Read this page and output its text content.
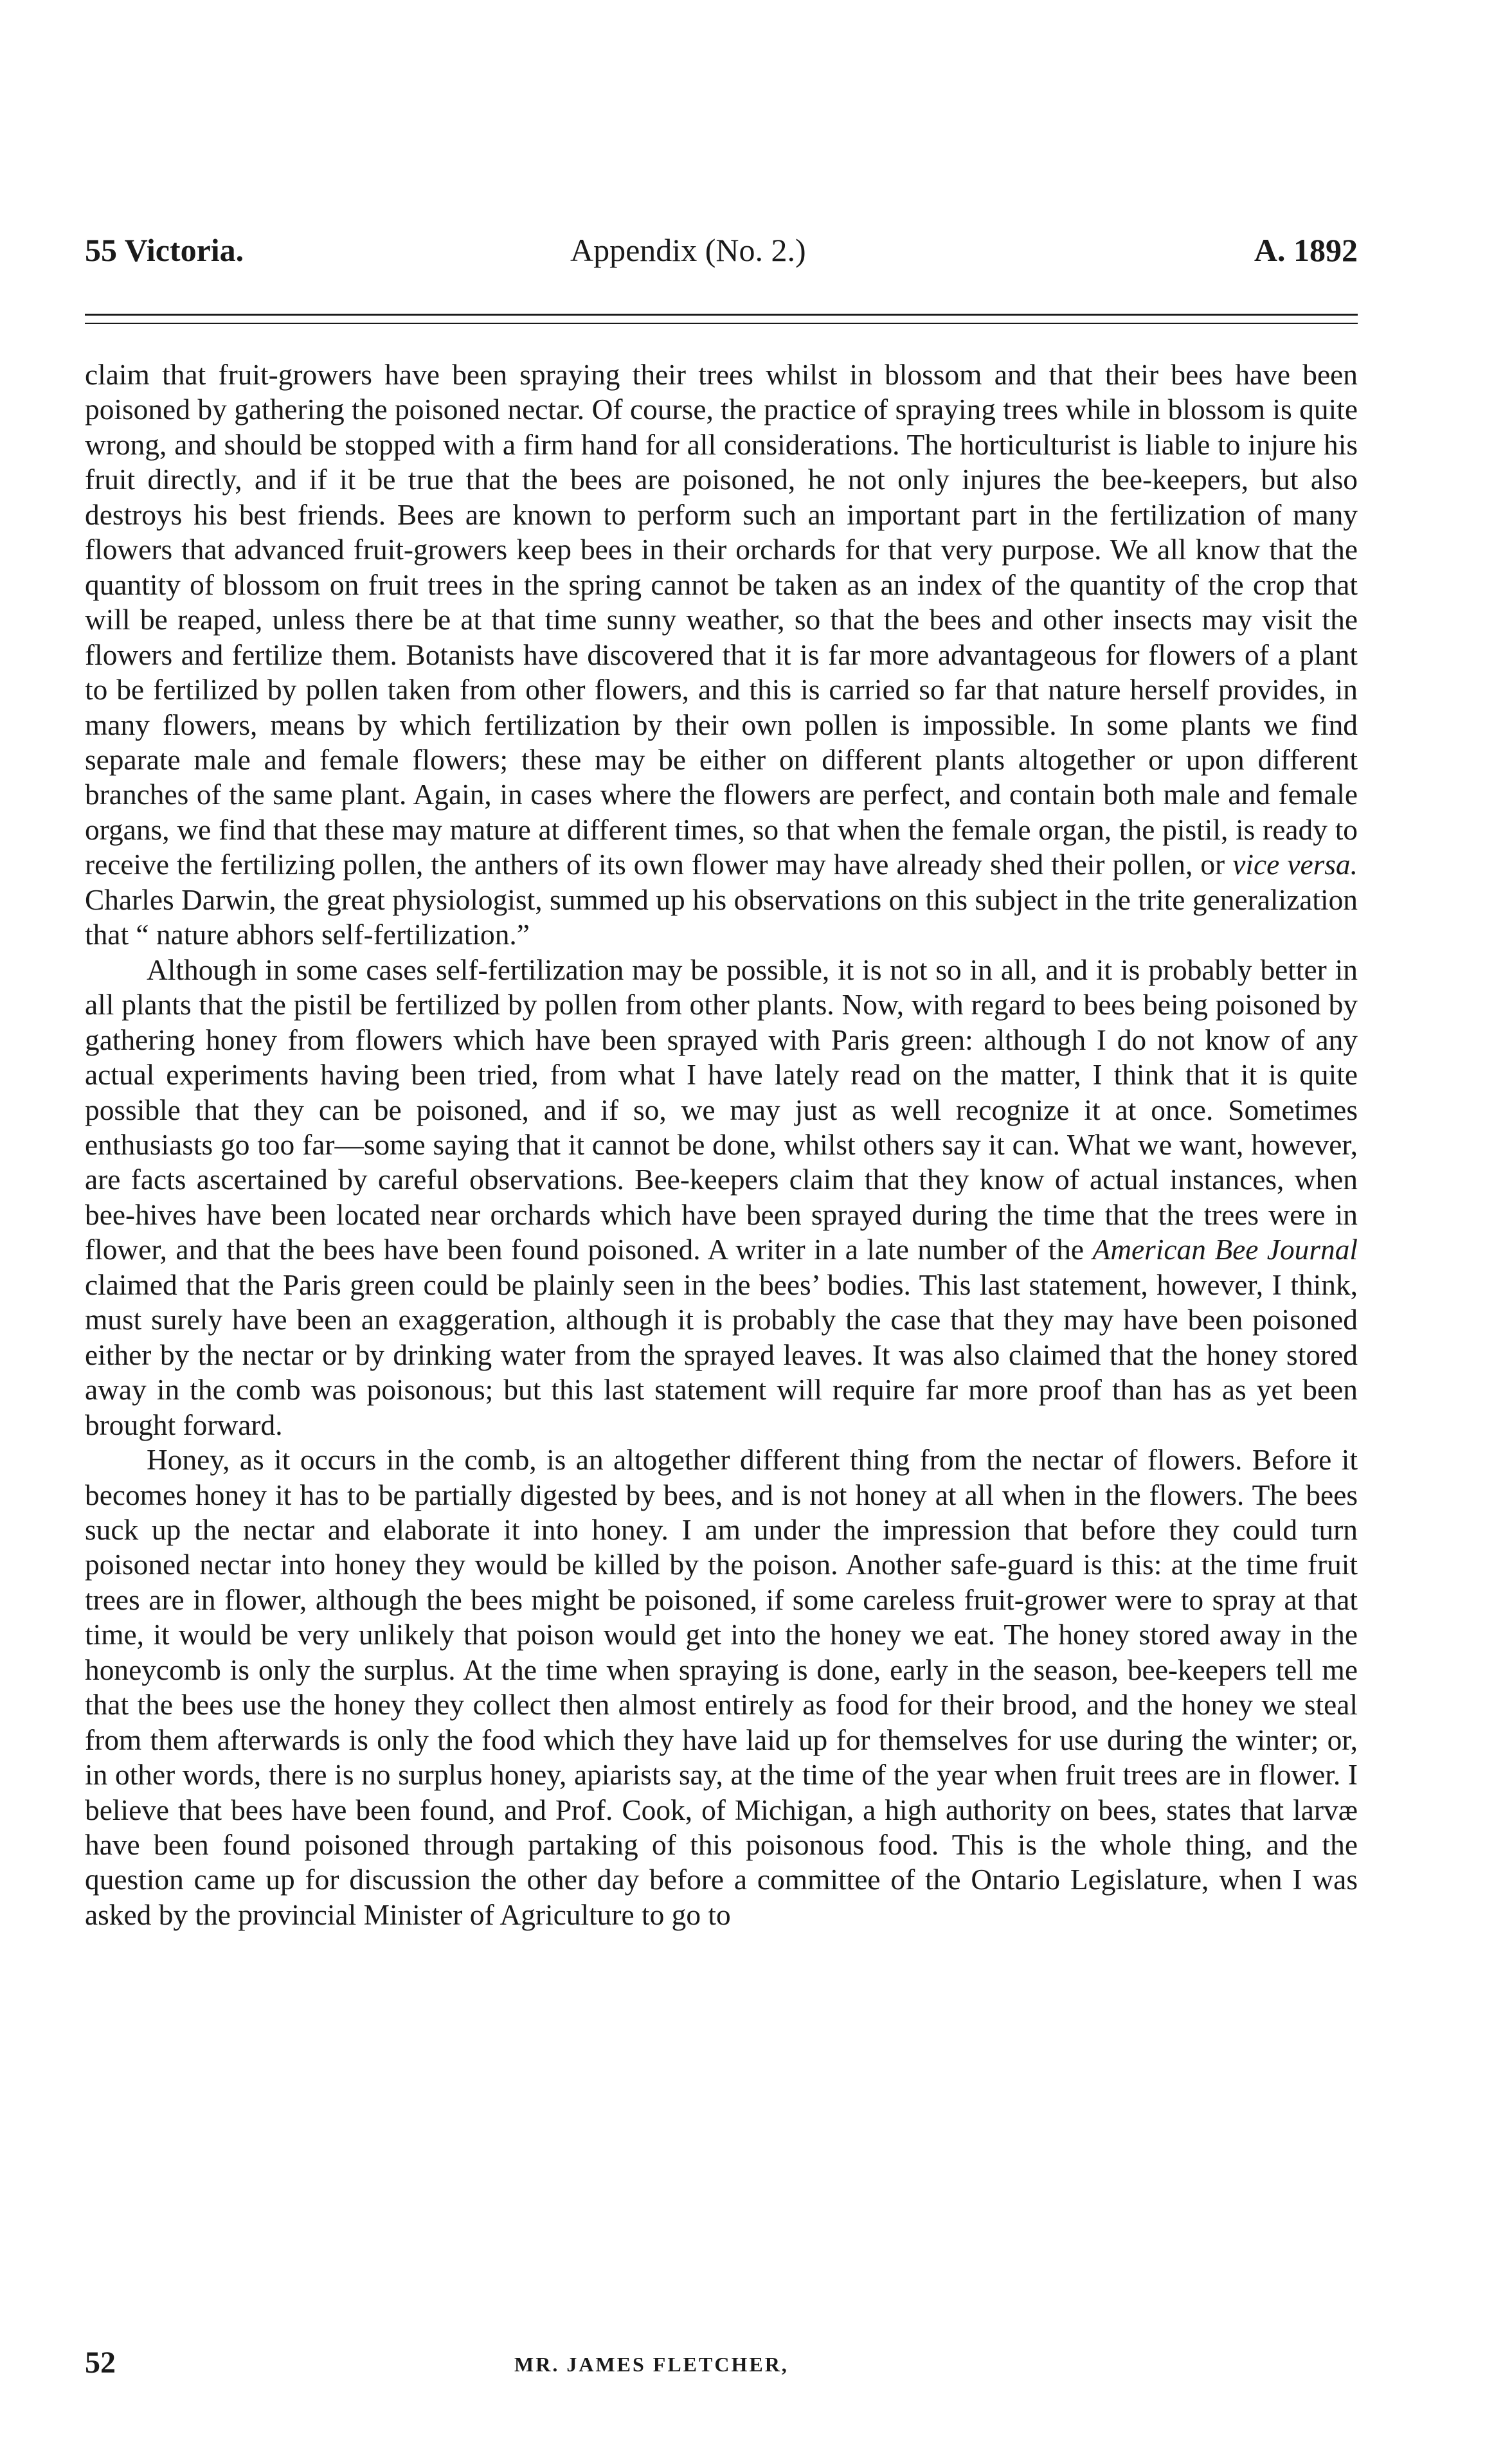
55 Victoria.	Appendix (No. 2.)	A. 1892

claim that fruit-growers have been spraying their trees whilst in blossom and that their bees have been poisoned by gathering the poisoned nectar. Of course, the practice of spraying trees while in blossom is quite wrong, and should be stopped with a firm hand for all considerations. The horticulturist is liable to injure his fruit directly, and if it be true that the bees are poisoned, he not only injures the bee-keepers, but also destroys his best friends. Bees are known to perform such an important part in the fertilization of many flowers that advanced fruit-growers keep bees in their orchards for that very purpose. We all know that the quantity of blossom on fruit trees in the spring cannot be taken as an index of the quantity of the crop that will be reaped, unless there be at that time sunny weather, so that the bees and other insects may visit the flowers and fertilize them. Botanists have discovered that it is far more advantageous for flowers of a plant to be fertilized by pollen taken from other flowers, and this is carried so far that nature herself provides, in many flowers, means by which fertilization by their own pollen is impossible. In some plants we find separate male and female flowers; these may be either on different plants altogether or upon different branches of the same plant. Again, in cases where the flowers are perfect, and contain both male and female organs, we find that these may mature at different times, so that when the female organ, the pistil, is ready to receive the fertilizing pollen, the anthers of its own flower may have already shed their pollen, or vice versa. Charles Darwin, the great physiologist, summed up his observations on this subject in the trite generalization that “ nature abhors self-fertilization.”

Although in some cases self-fertilization may be possible, it is not so in all, and it is probably better in all plants that the pistil be fertilized by pollen from other plants. Now, with regard to bees being poisoned by gathering honey from flowers which have been sprayed with Paris green: although I do not know of any actual experiments having been tried, from what I have lately read on the matter, I think that it is quite possible that they can be poisoned, and if so, we may just as well recognize it at once. Sometimes enthusiasts go too far—some saying that it cannot be done, whilst others say it can. What we want, however, are facts ascertained by careful observations. Bee-keepers claim that they know of actual instances, when bee-hives have been located near orchards which have been sprayed during the time that the trees were in flower, and that the bees have been found poisoned. A writer in a late number of the American Bee Journal claimed that the Paris green could be plainly seen in the bees’ bodies. This last statement, however, I think, must surely have been an exaggeration, although it is probably the case that they may have been poisoned either by the nectar or by drinking water from the sprayed leaves. It was also claimed that the honey stored away in the comb was poisonous; but this last statement will require far more proof than has as yet been brought forward.

Honey, as it occurs in the comb, is an altogether different thing from the nectar of flowers. Before it becomes honey it has to be partially digested by bees, and is not honey at all when in the flowers. The bees suck up the nectar and elaborate it into honey. I am under the impression that before they could turn poisoned nectar into honey they would be killed by the poison. Another safe-guard is this: at the time fruit trees are in flower, although the bees might be poisoned, if some careless fruit-grower were to spray at that time, it would be very unlikely that poison would get into the honey we eat. The honey stored away in the honeycomb is only the surplus. At the time when spraying is done, early in the season, bee-keepers tell me that the bees use the honey they collect then almost entirely as food for their brood, and the honey we steal from them afterwards is only the food which they have laid up for themselves for use during the winter; or, in other words, there is no surplus honey, apiarists say, at the time of the year when fruit trees are in flower. I believe that bees have been found, and Prof. Cook, of Michigan, a high authority on bees, states that larvæ have been found poisoned through partaking of this poisonous food. This is the whole thing, and the question came up for discussion the other day before a committee of the Ontario Legislature, when I was asked by the provincial Minister of Agriculture to go to

52	MR. JAMES FLETCHER,
